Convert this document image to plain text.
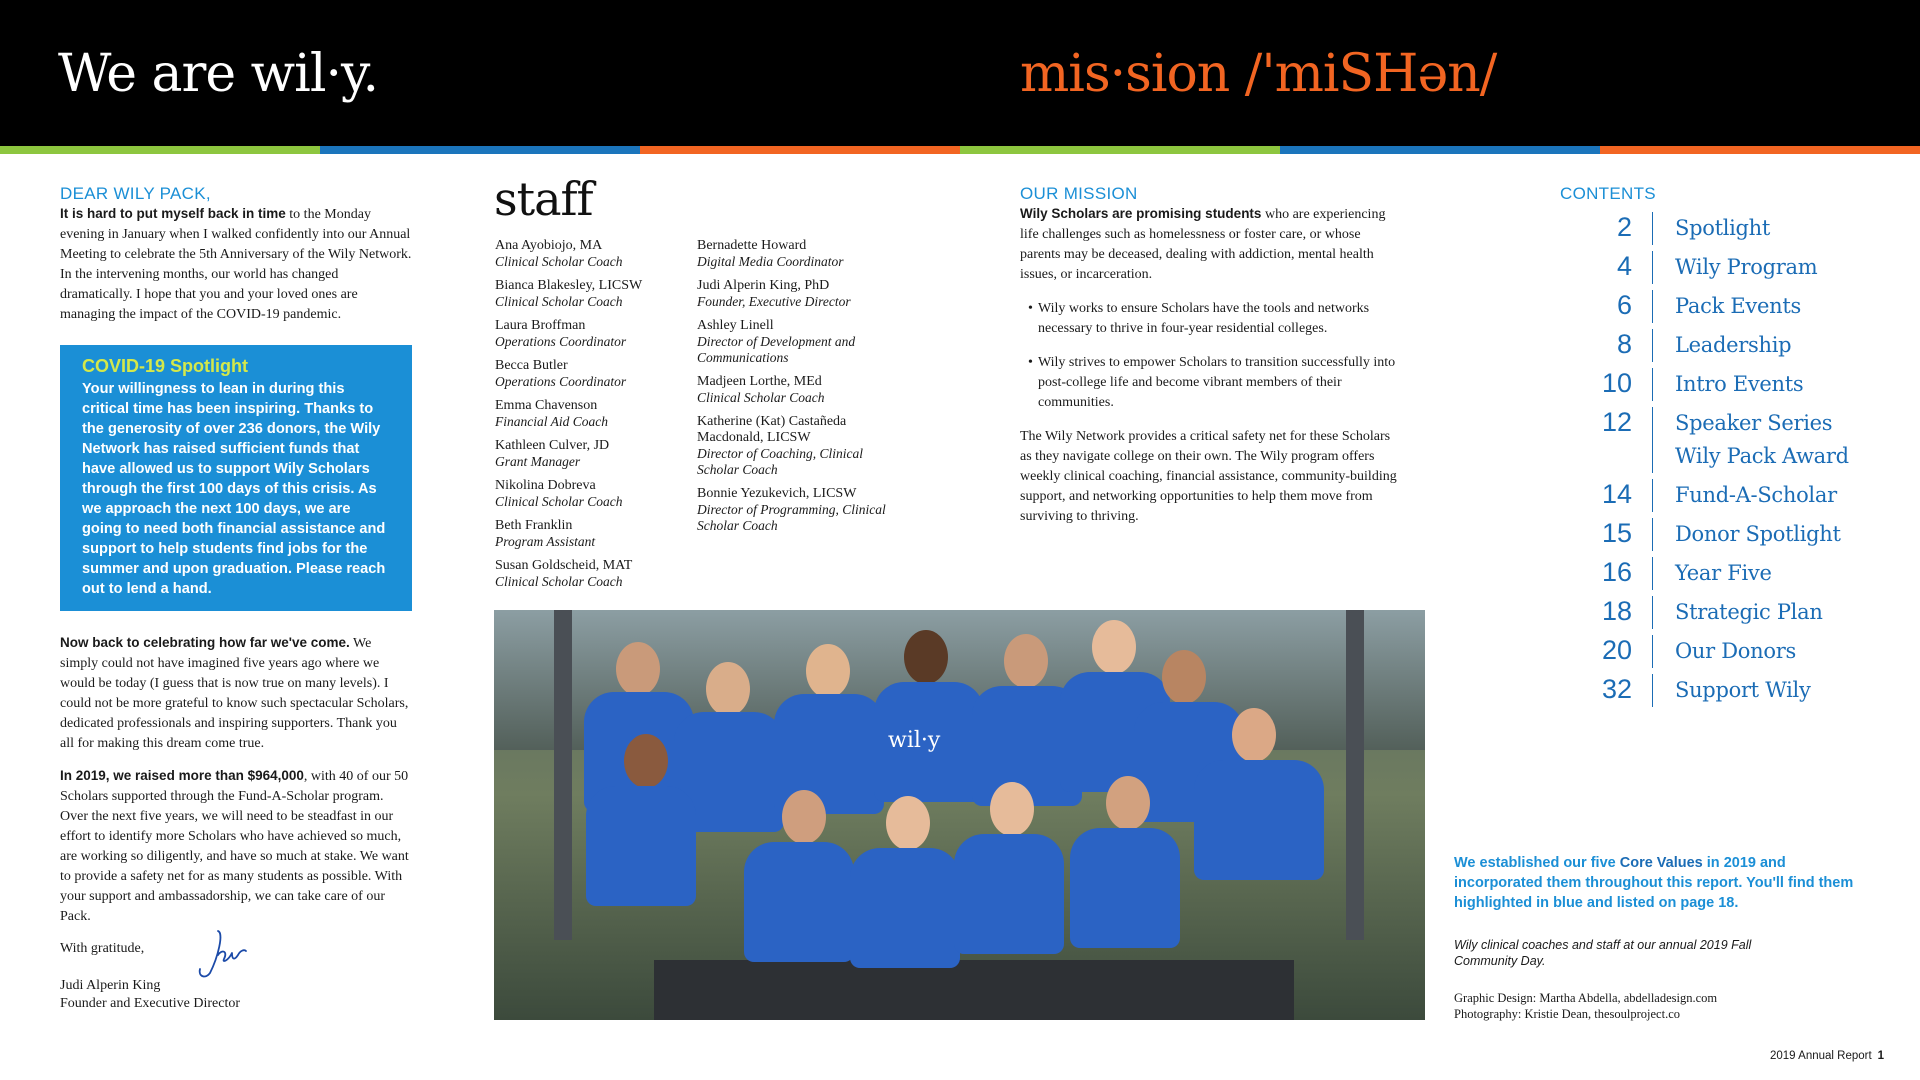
We are wil·y.	mis·sion /'miSHən/
DEAR WILY PACK,

It is hard to put myself back in time to the Monday evening in January when I walked confidently into our Annual Meeting to celebrate the 5th Anniversary of the Wily Network. In the intervening months, our world has changed dramatically. I hope that you and your loved ones are managing the impact of the COVID-19 pandemic.

COVID-19 Spotlight
Your willingness to lean in during this critical time has been inspiring. Thanks to the generosity of over 236 donors, the Wily Network has raised sufficient funds that have allowed us to support Wily Scholars through the first 100 days of this crisis. As we approach the next 100 days, we are going to need both financial assistance and support to help students find jobs for the summer and upon graduation. Please reach out to lend a hand.

Now back to celebrating how far we've come. We simply could not have imagined five years ago where we would be today (I guess that is now true on many levels). I could not be more grateful to know such spectacular Scholars, dedicated professionals and inspiring supporters. Thank you all for making this dream come true.

In 2019, we raised more than $964,000, with 40 of our 50 Scholars supported through the Fund-A-Scholar program. Over the next five years, we will need to be steadfast in our effort to identify more Scholars who have achieved so much, are working so diligently, and have so much at stake. We want to provide a safety net for as many students as possible. With your support and ambassadorship, we can take care of our Pack.

With gratitude,
Judi Alperin King
Founder and Executive Director
staff
Ana Ayobiojo, MA
Clinical Scholar Coach
Bianca Blakesley, LICSW
Clinical Scholar Coach
Laura Broffman
Operations Coordinator
Becca Butler
Operations Coordinator
Emma Chavenson
Financial Aid Coach
Kathleen Culver, JD
Grant Manager
Nikolina Dobreva
Clinical Scholar Coach
Beth Franklin
Program Assistant
Susan Goldscheid, MAT
Clinical Scholar Coach
Bernadette Howard
Digital Media Coordinator
Judi Alperin King, PhD
Founder, Executive Director
Ashley Linell
Director of Development and Communications
Madjeen Lorthe, MEd
Clinical Scholar Coach
Katherine (Kat) Castañeda Macdonald, LICSW
Director of Coaching, Clinical Scholar Coach
Bonnie Yezukevich, LICSW
Director of Programming, Clinical Scholar Coach
wil·y
OUR MISSION

Wily Scholars are promising students who are experiencing life challenges such as homelessness or foster care, or whose parents may be deceased, dealing with addiction, mental health issues, or incarceration.

• Wily works to ensure Scholars have the tools and networks necessary to thrive in four-year residential colleges.
• Wily strives to empower Scholars to transition successfully into post-college life and become vibrant members of their communities.

The Wily Network provides a critical safety net for these Scholars as they navigate college on their own. The Wily program offers weekly clinical coaching, financial assistance, community-building support, and networking opportunities to help them move from surviving to thriving.

CONTENTS
2	Spotlight
4	Wily Program
6	Pack Events
8	Leadership
10	Intro Events
12	Speaker Series
Wily Pack Award
14	Fund-A-Scholar
15	Donor Spotlight
16	Year Five
18	Strategic Plan
20	Our Donors
32	Support Wily
We established our five Core Values in 2019 and incorporated them throughout this report. You'll find them highlighted in blue and listed on page 18.
Wily clinical coaches and staff at our annual 2019 Fall Community Day.
Graphic Design: Martha Abdella, abdelladesign.com
Photography: Kristie Dean, thesoulproject.co
2019 Annual Report 1
